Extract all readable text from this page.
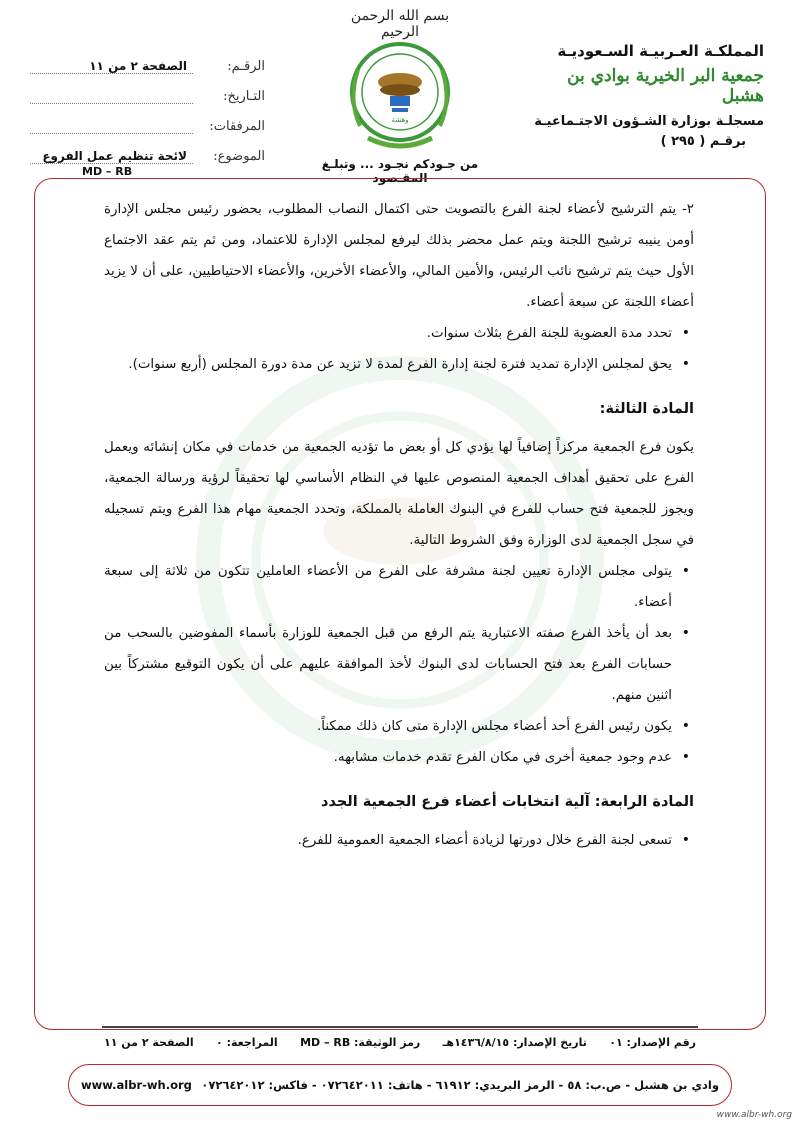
بسم الله الرحمن الرحيم
المملكـة العـربيـة السـعوديـة
جمعية البر الخيرية بوادي بن هشبل
مسجلـة بوزارة الشـؤون الاجتـماعيـة
برقـم ( ٢٩٥ )
وهشة
من جـودكم نجـود ... وتبلـغ المقـصود
الرقـم:
الصفحة ٢ من ١١
التـاريخ:
المرفقات:
الموضوع:
لائحة تنظيم عمل الفروع
MD – RB

٢- يتم الترشيح لأعضاء لجنة الفرع بالتصويت حتى اكتمال النصاب المطلوب، بحضور رئيس مجلس الإدارة أومن ينيبه ترشيح اللجنة ويتم عمل محضر بذلك ليرفع لمجلس الإدارة للاعتماد، ومن ثم يتم عقد الاجتماع الأول حيث يتم ترشيح نائب الرئيس، والأمين المالي، والأعضاء الأخرين، والأعضاء الاحتياطيين، على أن لا يزيد أعضاء اللجنة عن سبعة أعضاء.

• تحدد مدة العضوية للجنة الفرع بثلاث سنوات.
• يحق لمجلس الإدارة تمديد فترة لجنة إدارة الفرع لمدة لا تزيد عن مدة دورة المجلس (أربع سنوات).
المادة الثالثة:

يكون فرع الجمعية مركزاً إضافياً لها يؤدي كل أو بعض ما تؤديه الجمعية من خدمات في مكان إنشائه ويعمل الفرع على تحقيق أهداف الجمعية المنصوص عليها في النظام الأساسي لها تحقيقاً لرؤية ورسالة الجمعية، ويجوز للجمعية فتح حساب للفرع في البنوك العاملة بالمملكة، وتحدد الجمعية مهام هذا الفرع ويتم تسجيله في سجل الجمعية لدى الوزارة وفق الشروط التالية.

• يتولى مجلس الإدارة تعيين لجنة مشرفة على الفرع من الأعضاء العاملين تتكون من ثلاثة إلى سبعة أعضاء.
• بعد أن يأخذ الفرع صفته الاعتبارية يتم الرفع من قبل الجمعية للوزارة بأسماء المفوضين بالسحب من حسابات الفرع بعد فتح الحسابات لدى البنوك لأخذ الموافقة عليهم على أن يكون التوقيع مشتركاً بين اثنين منهم.
• يكون رئيس الفرع أحد أعضاء مجلس الإدارة متى كان ذلك ممكناً.
• عدم وجود جمعية أخرى في مكان الفرع تقدم خدمات مشابهه.
المادة الرابعة: آلية انتخابات أعضاء فرع الجمعية الجدد
• تسعى لجنة الفرع خلال دورتها لزيادة أعضاء الجمعية العمومية للفرع.
رقم الإصدار: ٠١
تاريخ الإصدار: ١٤٣٦/٨/١٥هـ
رمز الوثيقة: MD – RB
المراجعة: ٠
الصفحة ٢ من ١١
وادي بن هشبل - ص.ب: ٥٨ - الرمز البريدي: ٦١٩١٢ - هاتف: ٠٧٢٦٤٢٠١١ - فاكس: ٠٧٢٦٤٢٠١٢
www.albr-wh.org
www.albr-wh.org
